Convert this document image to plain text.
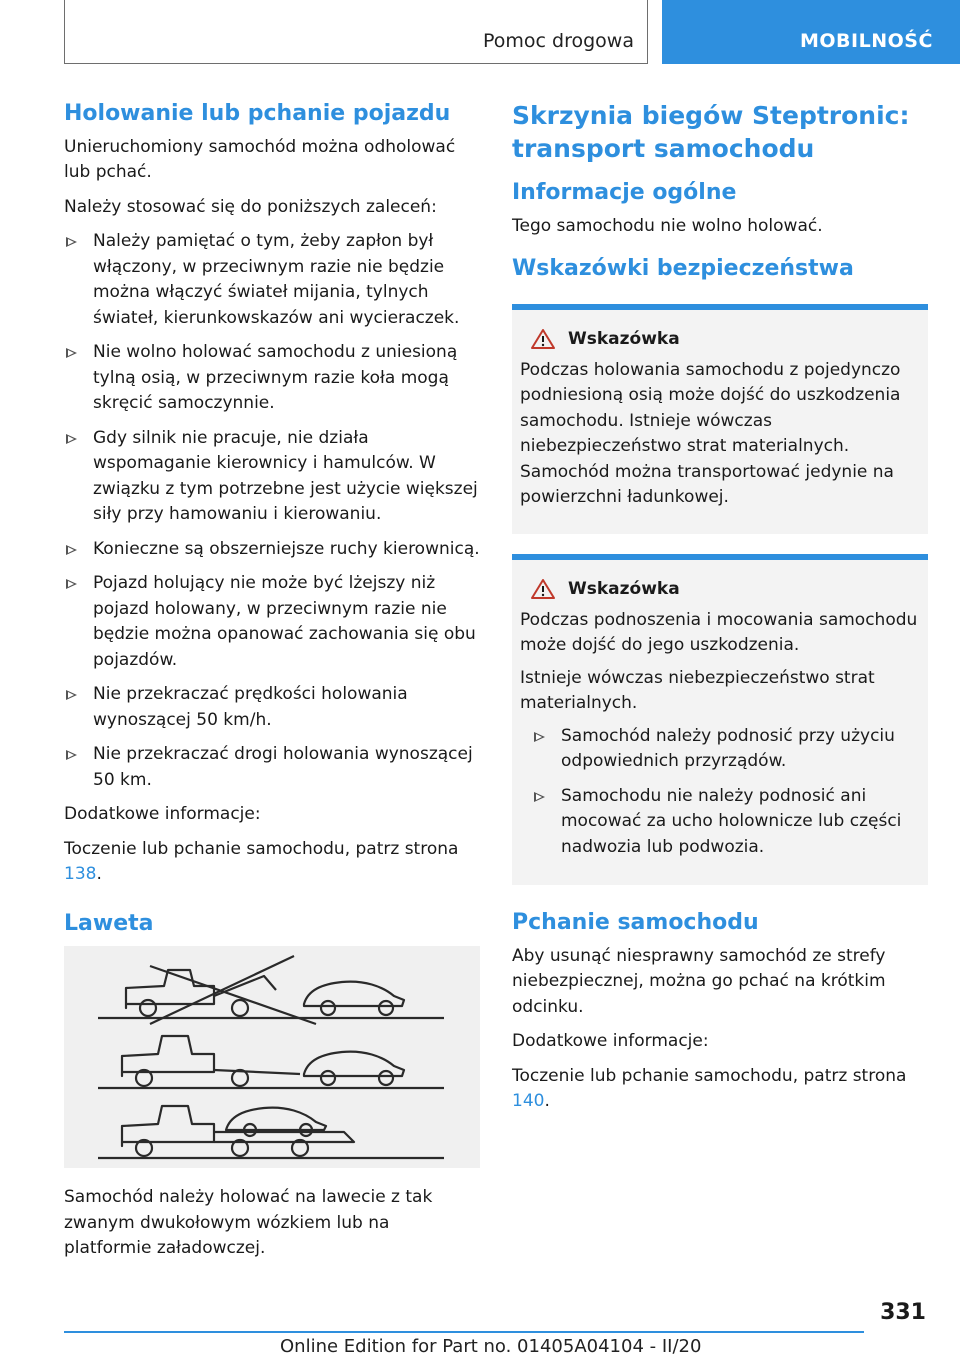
Pomoc drogowa	MOBILNOŚĆ
Holowanie lub pchanie pojazdu

Unieruchomiony samochód można odholować lub pchać.

Należy stosować się do poniższych zaleceń:

Należy pamiętać o tym, żeby zapłon był włączony, w przeciwnym razie nie będzie można włączyć świateł mijania, tylnych świateł, kierunkowskazów ani wycieraczek.
Nie wolno holować samochodu z uniesioną tylną osią, w przeciwnym razie koła mogą skręcić samoczynnie.
Gdy silnik nie pracuje, nie działa wspomaganie kierownicy i hamulców. W związku z tym potrzebne jest użycie większej siły przy hamowaniu i kierowaniu.
Konieczne są obszerniejsze ruchy kierownicą.
Pojazd holujący nie może być lżejszy niż pojazd holowany, w przeciwnym razie nie będzie można opanować zachowania się obu pojazdów.
Nie przekraczać prędkości holowania wynoszącej 50 km/h.
Nie przekraczać drogi holowania wynoszącej 50 km.

Dodatkowe informacje:

Toczenie lub pchanie samochodu, patrz strona 138.

Laweta

Samochód należy holować na lawecie z tak zwanym dwukołowym wózkiem lub na platformie załadowczej.

Skrzynia biegów Steptronic: transport samochodu
Informacje ogólne

Tego samochodu nie wolno holować.

Wskazówki bezpieczeństwa
Wskazówka

Podczas holowania samochodu z pojedynczo podniesioną osią może dojść do uszkodzenia samochodu. Istnieje wówczas niebezpieczeństwo strat materialnych. Samochód można transportować jedynie na powierzchni ładunkowej.

Wskazówka

Podczas podnoszenia i mocowania samochodu może dojść do jego uszkodzenia.

Istnieje wówczas niebezpieczeństwo strat materialnych.

Samochód należy podnosić przy użyciu odpowiednich przyrządów.
Samochodu nie należy podnosić ani mocować za ucho holownicze lub części nadwozia lub podwozia.
Pchanie samochodu

Aby usunąć niesprawny samochód ze strefy niebezpiecznej, można go pchać na krótkim odcinku.

Dodatkowe informacje:

Toczenie lub pchanie samochodu, patrz strona 140.

331
Online Edition for Part no. 01405A04104 - II/20
